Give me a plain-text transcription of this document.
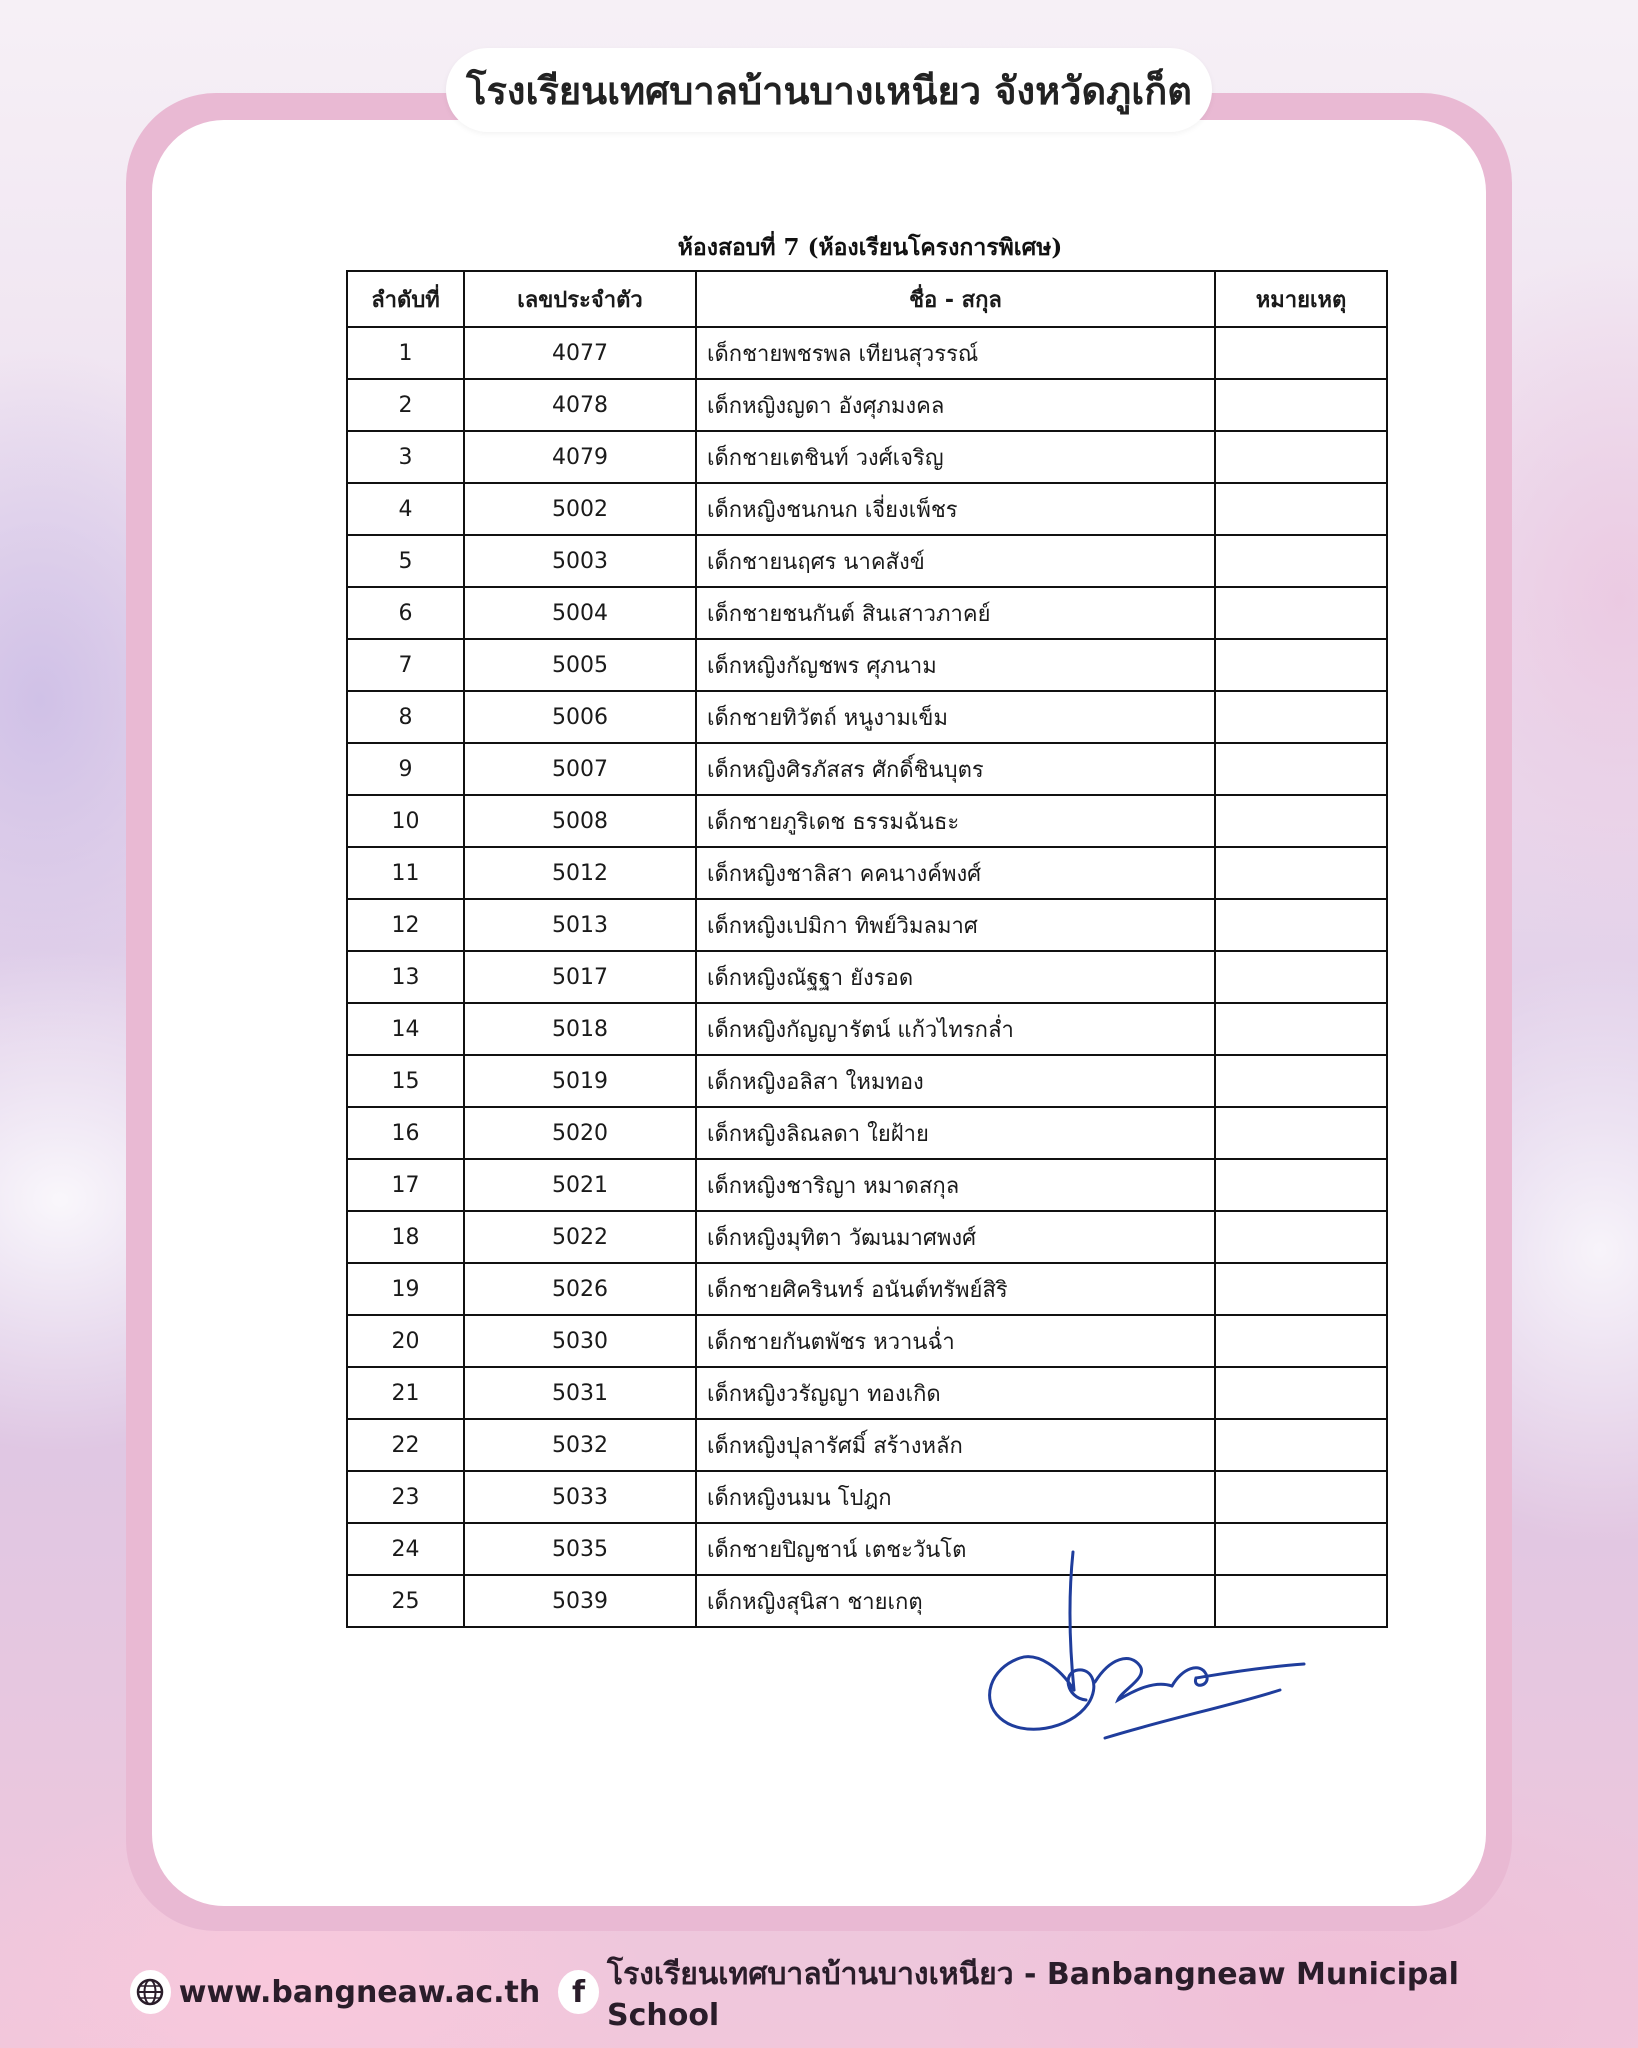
โรงเรียนเทศบาลบ้านบางเหนียว จังหวัดภูเก็ต
ห้องสอบที่ 7 (ห้องเรียนโครงการพิเศษ)
ลำดับที่	เลขประจำตัว	ชื่อ - สกุล	หมายเหตุ
1	4077	เด็กชายพชรพล เทียนสุวรรณ์	
2	4078	เด็กหญิงญดา อังศุภมงคล	
3	4079	เด็กชายเตชินท์ วงศ์เจริญ	
4	5002	เด็กหญิงชนกนก เจี่ยงเพ็ชร	
5	5003	เด็กชายนฤศร นาคสังข์	
6	5004	เด็กชายชนกันต์ สินเสาวภาคย์	
7	5005	เด็กหญิงกัญชพร ศุภนาม	
8	5006	เด็กชายทิวัตถ์ หนูงามเข็ม	
9	5007	เด็กหญิงศิรภัสสร ศักดิ์ชินบุตร	
10	5008	เด็กชายภูริเดช ธรรมฉันธะ	
11	5012	เด็กหญิงชาลิสา คคนางค์พงศ์	
12	5013	เด็กหญิงเปมิกา ทิพย์วิมลมาศ	
13	5017	เด็กหญิงณัฐฐา ยังรอด	
14	5018	เด็กหญิงกัญญารัตน์ แก้วไทรกล่ำ	
15	5019	เด็กหญิงอลิสา ใหมทอง	
16	5020	เด็กหญิงลิณลดา ใยฝ้าย	
17	5021	เด็กหญิงชาริญา หมาดสกุล	
18	5022	เด็กหญิงมุทิตา วัฒนมาศพงศ์	
19	5026	เด็กชายศิครินทร์ อนันต์ทรัพย์สิริ	
20	5030	เด็กชายกันตพัชร หวานฉ่ำ	
21	5031	เด็กหญิงวรัญญา ทองเกิด	
22	5032	เด็กหญิงปุลารัศมิ์ สร้างหลัก	
23	5033	เด็กหญิงนมน โปฎก	
24	5035	เด็กชายปิญชาน์ เตชะวันโต	
25	5039	เด็กหญิงสุนิสา ชายเกตุ	
www.bangneaw.ac.th	f โรงเรียนเทศบาลบ้านบางเหนียว - Banbangneaw Municipal School
